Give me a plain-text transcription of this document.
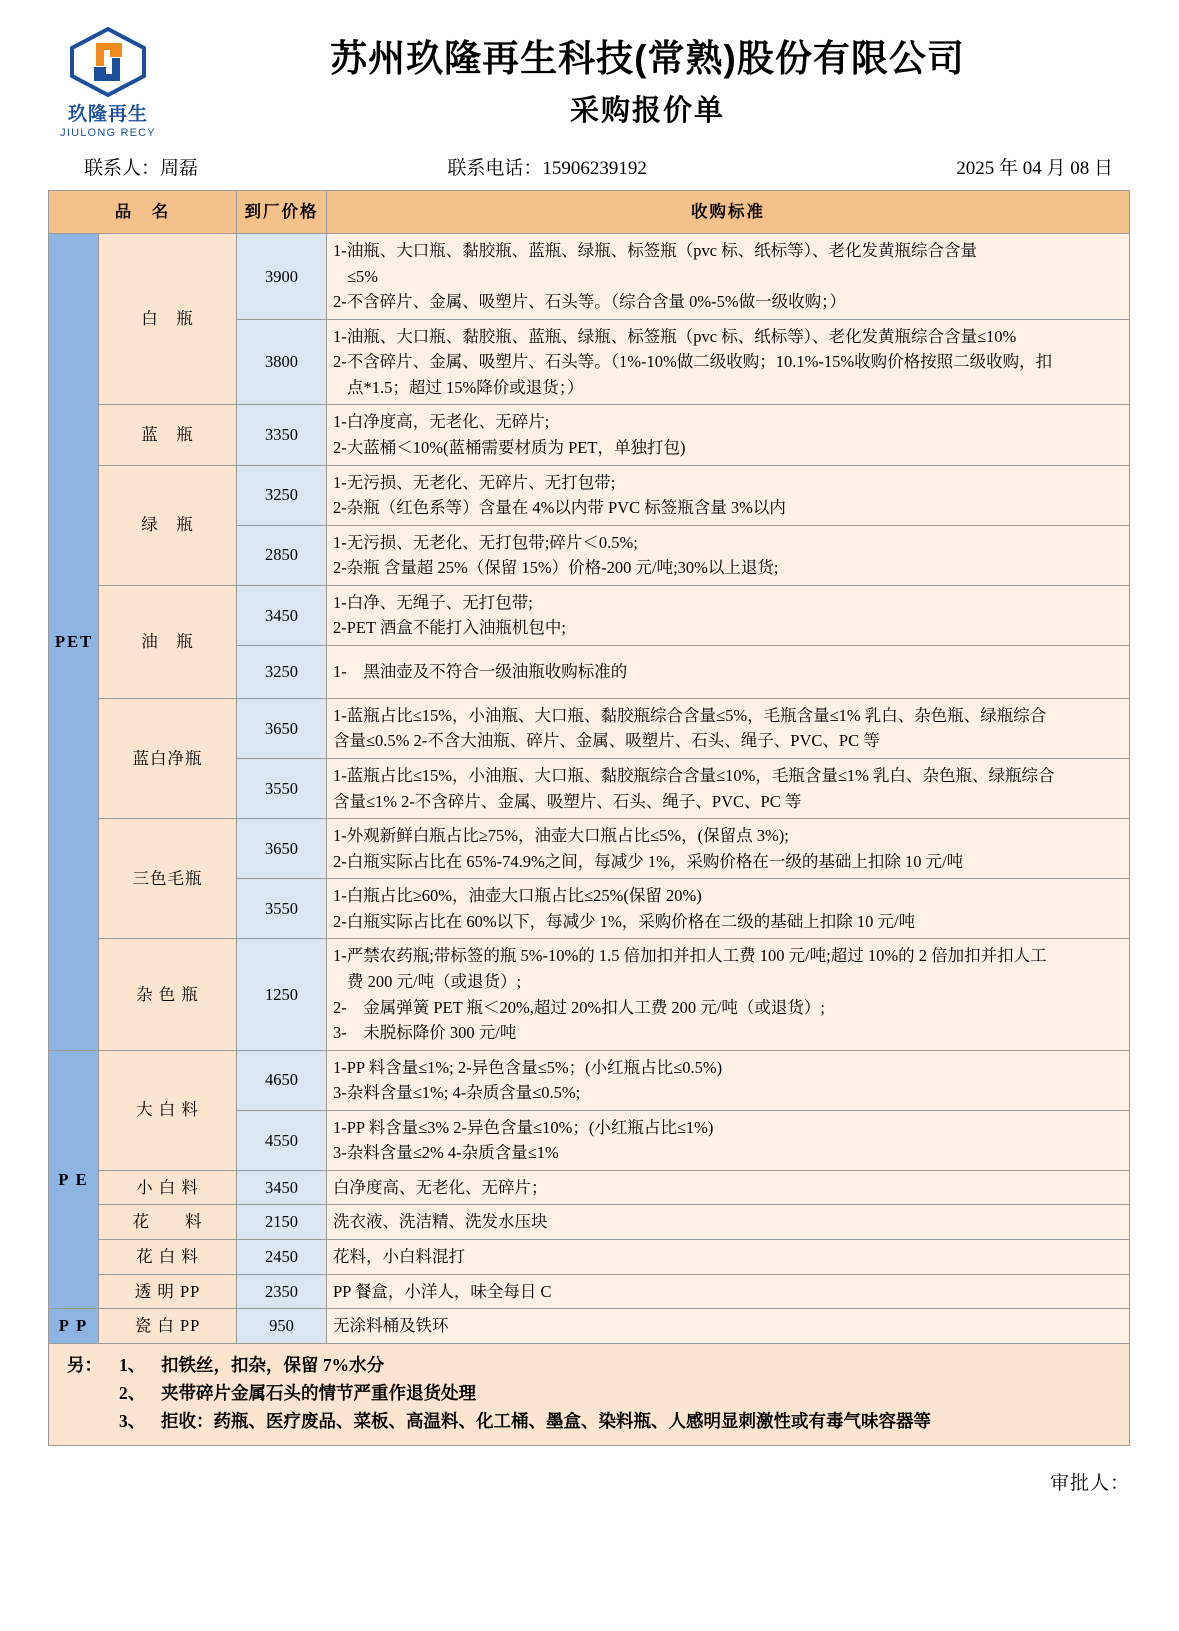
玖隆再生
JIULONG RECY
苏州玖隆再生科技(常熟)股份有限公司
采购报价单
联系人：周磊	联系电话：15906239192	2025 年 04 月 08 日
品　名		到厂价格	收购标准
PET	白　瓶	3900	1-油瓶、大口瓶、黏胶瓶、蓝瓶、绿瓶、标签瓶（pvc 标、纸标等）、老化发黄瓶综合含量

≤5%

2-不含碎片、金属、吸塑片、石头等。（综合含量 0%-5%做一级收购；）

		3800	1-油瓶、大口瓶、黏胶瓶、蓝瓶、绿瓶、标签瓶（pvc 标、纸标等）、老化发黄瓶综合含量≤10%

2-不含碎片、金属、吸塑片、石头等。（1%-10%做二级收购；10.1%-15%收购价格按照二级收购，扣

点*1.5；超过 15%降价或退货；）

	蓝　瓶	3350	1-白净度高，无老化、无碎片;

2-大蓝桶＜10%(蓝桶需要材质为 PET，单独打包)

	绿　瓶	3250	1-无污损、无老化、无碎片、无打包带;

2-杂瓶（红色系等）含量在 4%以内带 PVC 标签瓶含量 3%以内

		2850	1-无污损、无老化、无打包带;碎片＜0.5%;

2-杂瓶 含量超 25%（保留 15%）价格-200 元/吨;30%以上退货;

	油　瓶	3450	1-白净、无绳子、无打包带;

2-PET 酒盒不能打入油瓶机包中;

		3250	1-　黑油壶及不符合一级油瓶收购标准的

	蓝白净瓶	3650	1-蓝瓶占比≤15%，小油瓶、大口瓶、黏胶瓶综合含量≤5%，毛瓶含量≤1% 乳白、杂色瓶、绿瓶综合

含量≤0.5% 2-不含大油瓶、碎片、金属、吸塑片、石头、绳子、PVC、PC 等

		3550	1-蓝瓶占比≤15%，小油瓶、大口瓶、黏胶瓶综合含量≤10%，毛瓶含量≤1% 乳白、杂色瓶、绿瓶综合

含量≤1% 2-不含碎片、金属、吸塑片、石头、绳子、PVC、PC 等

	三色毛瓶	3650	1-外观新鲜白瓶占比≥75%，油壶大口瓶占比≤5%，(保留点 3%);

2-白瓶实际占比在 65%-74.9%之间，每减少 1%，采购价格在一级的基础上扣除 10 元/吨

		3550	1-白瓶占比≥60%，油壶大口瓶占比≤25%(保留 20%)

2-白瓶实际占比在 60%以下，每减少 1%，采购价格在二级的基础上扣除 10 元/吨

	杂 色 瓶	1250	1-严禁农药瓶;带标签的瓶 5%-10%的 1.5 倍加扣并扣人工费 100 元/吨;超过 10%的 2 倍加扣并扣人工

费 200 元/吨（或退货）;

2-　金属弹簧 PET 瓶＜20%,超过 20%扣人工费 200 元/吨（或退货）;

3-　未脱标降价 300 元/吨

P E	大 白 料	4650	1-PP 料含量≤1%; 2-异色含量≤5%；(小红瓶占比≤0.5%)

3-杂料含量≤1%; 4-杂质含量≤0.5%;

		4550	1-PP 料含量≤3% 2-异色含量≤10%；(小红瓶占比≤1%)

3-杂料含量≤2% 4-杂质含量≤1%

	小 白 料	3450	白净度高、无老化、无碎片；

	花　　料	2150	洗衣液、洗洁精、洗发水压块

	花 白 料	2450	花料，小白料混打

	透 明 PP	2350	PP 餐盒，小洋人，味全每日 C

P P	瓷 白 PP	950	无涂料桶及铁环

另： 1、 扣铁丝，扣杂，保留 7%水分
2、 夹带碎片金属石头的情节严重作退货处理
3、 拒收：药瓶、医疗废品、菜板、高温料、化工桶、墨盒、染料瓶、人感明显刺激性或有毒气味容器等
审批人：
